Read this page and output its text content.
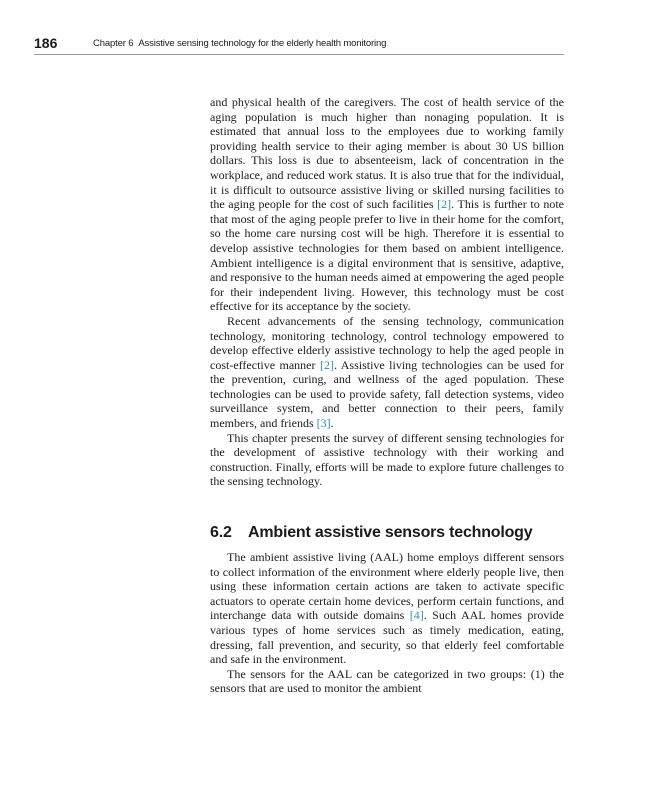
186	Chapter 6 Assistive sensing technology for the elderly health monitoring

and physical health of the caregivers. The cost of health service of the aging population is much higher than nonaging population. It is estimated that annual loss to the employees due to working family providing health service to their aging member is about 30 US billion dollars. This loss is due to absenteeism, lack of concentration in the workplace, and reduced work status. It is also true that for the individual, it is difficult to outsource assistive living or skilled nursing facilities to the aging people for the cost of such facilities [2]. This is further to note that most of the aging people prefer to live in their home for the comfort, so the home care nursing cost will be high. Therefore it is essential to develop assistive technologies for them based on ambient intelligence. Ambient intelligence is a digital environment that is sensitive, adaptive, and responsive to the human needs aimed at empowering the aged people for their independent living. However, this technology must be cost effective for its acceptance by the society.

Recent advancements of the sensing technology, communication technology, monitoring technology, control technology empowered to develop effective elderly assistive technology to help the aged people in cost-effective manner [2]. Assistive living technologies can be used for the prevention, curing, and wellness of the aged population. These technologies can be used to provide safety, fall detection systems, video surveillance system, and better connection to their peers, family members, and friends [3].

This chapter presents the survey of different sensing technologies for the development of assistive technology with their working and construction. Finally, efforts will be made to explore future challenges to the sensing technology.

6.2 Ambient assistive sensors technology

The ambient assistive living (AAL) home employs different sensors to collect information of the environment where elderly people live, then using these information certain actions are taken to activate specific actuators to operate certain home devices, perform certain functions, and interchange data with outside domains [4]. Such AAL homes provide various types of home services such as timely medication, eating, dressing, fall prevention, and security, so that elderly feel comfortable and safe in the environment.

The sensors for the AAL can be categorized in two groups: (1) the sensors that are used to monitor the ambient
